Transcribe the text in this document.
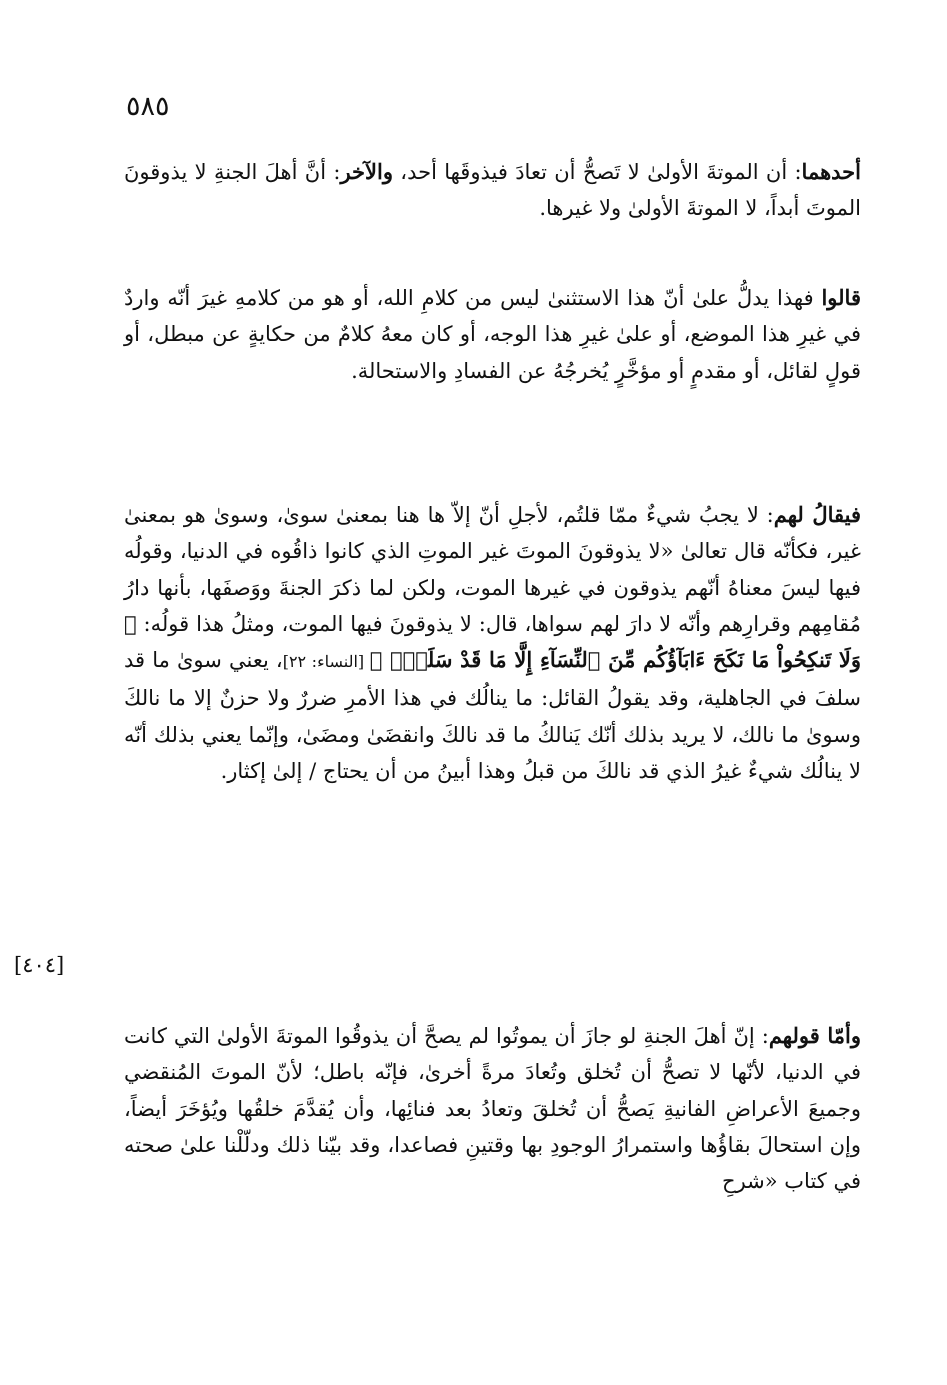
٥٨٥
أحدهما: أن الموتةَ الأولىٰ لا تَصحُّ أن تعادَ فيذوقَها أحد، والآخر: أنَّ أهلَ الجنةِ لا يذوقونَ الموتَ أبداً، لا الموتةَ الأولىٰ ولا غيرها.
قالوا فهذا يدلُّ علىٰ أنّ هذا الاستثنىٰ ليس من كلامِ الله، أو هو من كلامهِ غيرَ أنّه واردٌ في غيرِ هذا الموضع، أو علىٰ غيرِ هذا الوجه، أو كان معهُ كلامٌ من حكايةٍ عن مبطل، أو قولٍ لقائل، أو مقدمٍ أو مؤخَّرٍ يُخرجُهُ عن الفسادِ والاستحالة.
فيقالُ لهم: لا يجبُ شيءٌ ممّا قلتُم، لأجلِ أنّ إلاّ ها هنا بمعنىٰ سوىٰ، وسوىٰ هو بمعنىٰ غير، فكأنّه قال تعالىٰ «لا يذوقونَ الموتَ غير الموتِ الذي كانوا ذاقُوه في الدنيا، وقولُه فيها ليسَ معناهُ أنّهم يذوقون في غيرها الموت، ولكن لما ذكرَ الجنةَ ووَصفَها، بأنها دارُ مُقامِهم وقرارِهم وأنّه لا دارَ لهم سواها، قال: لا يذوقونَ فيها الموت، ومثلُ هذا قولُه: ﴿ وَلَا تَنكِحُواْ مَا نَكَحَ ءَابَآؤُكُم مِّنَ ٱلنِّسَآءِ إِلَّا مَا قَدْ سَلَفَۚ ﴾ [النساء: ٢٢]، يعني سوىٰ ما قد سلفَ في الجاهلية، وقد يقولُ القائل: ما ينالُك في هذا الأمرِ ضررٌ ولا حزنٌ إلا ما نالكَ وسوىٰ ما نالك، لا يريد بذلك أنّك يَنالكُ ما قد نالكَ وانقضَىٰ ومضَىٰ، وإنّما يعني بذلك أنّه لا ينالُك شيءٌ غيرُ الذي قد نالكَ من قبلُ وهذا أبينُ من أن يحتاج / إلىٰ إكثار.
[٤٠٤]
وأمّا قولهم: إنّ أهلَ الجنةِ لو جازَ أن يموتُوا لم يصحَّ أن يذوقُوا الموتةَ الأولىٰ التي كانت في الدنيا، لأنّها لا تصحُّ أن تُخلق وتُعادَ مرةً أخرىٰ، فإنّه باطل؛ لأنّ الموتَ المُنقضي وجميعَ الأعراضِ الفانيةِ يَصحُّ أن تُخلقَ وتعادُ بعد فنائِها، وأن يُقدَّمَ خلقُها ويُؤخَرَ أيضاً، وإن استحالَ بقاؤُها واستمرارُ الوجودِ بها وقتينِ فصاعدا، وقد بيّنا ذلك ودلّلْنا علىٰ صحته في كتاب «شرحِ
